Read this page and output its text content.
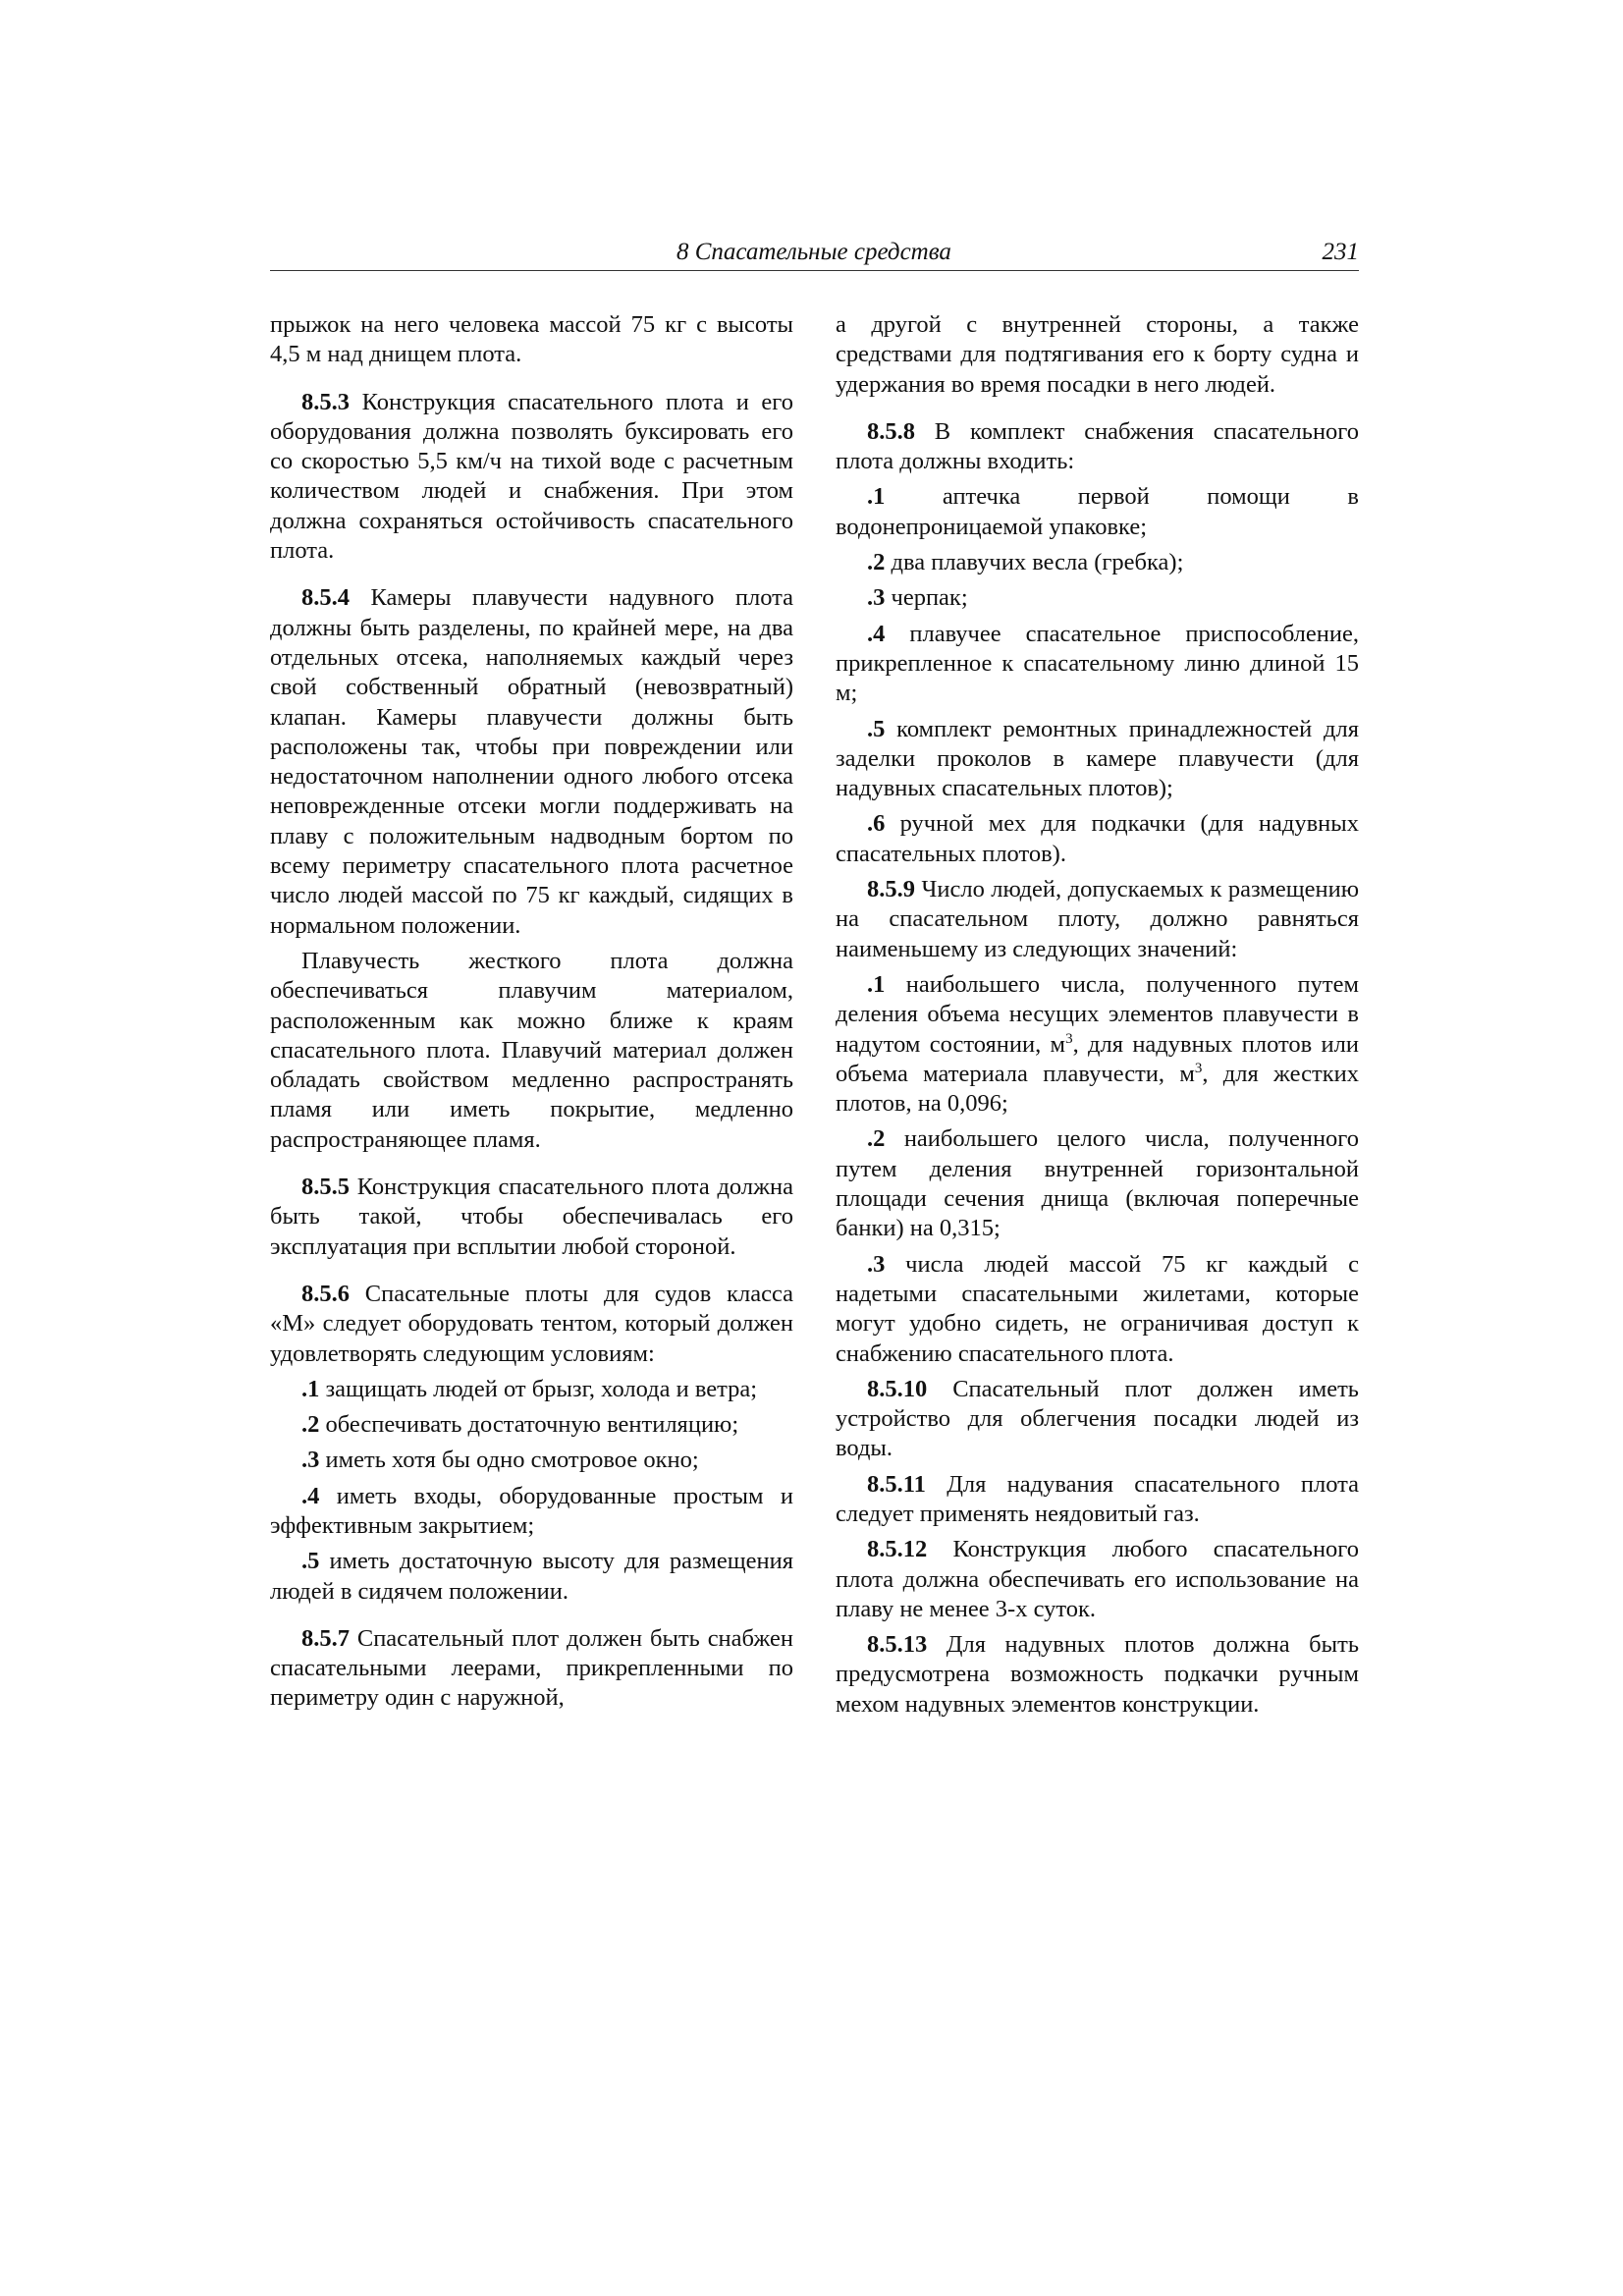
8 Спасательные средства	231

прыжок на него человека массой 75 кг с высоты 4,5 м над днищем плота.

8.5.3 Конструкция спасательного плота и его оборудования должна позволять буксировать его со скоростью 5,5 км/ч на тихой воде с расчетным количеством людей и снабжения. При этом должна сохраняться остойчивость спасательного плота.

8.5.4 Камеры плавучести надувного плота должны быть разделены, по крайней мере, на два отдельных отсека, наполняемых каждый через свой собственный обратный (невозвратный) клапан. Камеры плавучести должны быть расположены так, чтобы при повреждении или недостаточном наполнении одного любого отсека неповрежденные отсеки могли поддерживать на плаву с положительным надводным бортом по всему периметру спасательного плота расчетное число людей массой по 75 кг каждый, сидящих в нормальном положении.

Плавучесть жесткого плота должна обеспечиваться плавучим материалом, расположенным как можно ближе к краям спасательного плота. Плавучий материал должен обладать свойством медленно распространять пламя или иметь покрытие, медленно распространяющее пламя.

8.5.5 Конструкция спасательного плота должна быть такой, чтобы обеспечивалась его эксплуатация при всплытии любой стороной.

8.5.6 Спасательные плоты для судов класса «М» следует оборудовать тентом, который должен удовлетворять следующим условиям:

.1 защищать людей от брызг, холода и ветра;

.2 обеспечивать достаточную вентиляцию;

.3 иметь хотя бы одно смотровое окно;

.4 иметь входы, оборудованные простым и эффективным закрытием;

.5 иметь достаточную высоту для размещения людей в сидячем положении.

8.5.7 Спасательный плот должен быть снабжен спасательными леерами, прикрепленными по периметру один с наружной,

а другой с внутренней стороны, а также средствами для подтягивания его к борту судна и удержания во время посадки в него людей.

8.5.8 В комплект снабжения спасательного плота должны входить:

.1 аптечка первой помощи в водонепроницаемой упаковке;

.2 два плавучих весла (гребка);

.3 черпак;

.4 плавучее спасательное приспособление, прикрепленное к спасательному линю длиной 15 м;

.5 комплект ремонтных принадлежностей для заделки проколов в камере плавучести (для надувных спасательных плотов);

.6 ручной мех для подкачки (для надувных спасательных плотов).

8.5.9 Число людей, допускаемых к размещению на спасательном плоту, должно равняться наименьшему из следующих значений:

.1 наибольшего числа, полученного путем деления объема несущих элементов плавучести в надутом состоянии, $м^3$, для надувных плотов или объема материала плавучести, $м^3$, для жестких плотов, на 0,096;

.2 наибольшего целого числа, полученного путем деления внутренней горизонтальной площади сечения днища (включая поперечные банки) на 0,315;

.3 числа людей массой 75 кг каждый с надетыми спасательными жилетами, которые могут удобно сидеть, не ограничивая доступ к снабжению спасательного плота.

8.5.10 Спасательный плот должен иметь устройство для облегчения посадки людей из воды.

8.5.11 Для надувания спасательного плота следует применять неядовитый газ.

8.5.12 Конструкция любого спасательного плота должна обеспечивать его использование на плаву не менее 3-х суток.

8.5.13 Для надувных плотов должна быть предусмотрена возможность подкачки ручным мехом надувных элементов конструкции.
